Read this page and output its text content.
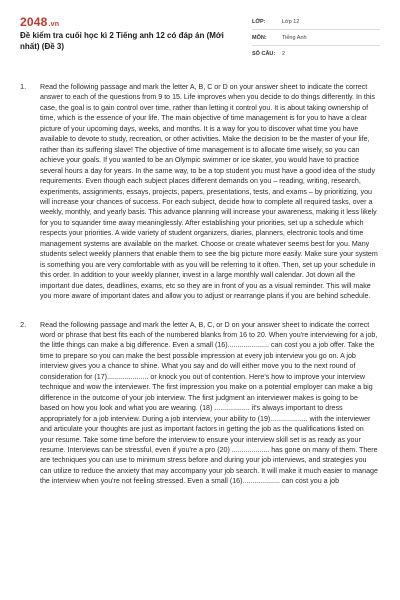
2048.vn
Đề kiểm tra cuối học kì 2 Tiếng anh 12 có đáp án (Mới nhất) (Đề 3)
LỚP:	Lớp 12
MÔN:	Tiếng Anh
SỐ CÂU:	2
1. Read the following passage and mark the letter A, B, C or D on your answer sheet to indicate the correct answer to each of the questions from 9 to 15. Life improves when you decide to do things differently. In this case, the goal is to gain control over time, rather than letting it control you. It is about taking ownership of time, which is the essence of your life. The main objective of time management is for you to have a clear picture of your upcoming days, weeks, and months. It is a way for you to discover what time you have available to devote to study, recreation, or other activities. Make the decision to be the master of your life, rather than its suffering slave! The objective of time management is to allocate time wisely, so you can achieve your goals. If you wanted to be an Olympic swimmer or ice skater, you would have to practice several hours a day for years. In the same way, to be a top student you must have a good idea of the study requirements. Even though each subject places different demands on you – reading, writing, research, experiments, assignments, essays, projects, papers, presentations, tests, and exams – by prioritizing, you will increase your chances of success. For each subject, decide how to complete all required tasks, over a weekly, monthly, and yearly basis. This advance planning will increase your awareness, making it less likely for you to squander time away meaninglessly. After establishing your priorities, set up a schedule which respects your priorities. A wide variety of student organizers, diaries, planners, electronic tools and time management systems are available on the market. Choose or create whatever seems best for you. Many students select weekly planners that enable them to see the big picture more easily. Make sure your system is something you are very comfortable with as you will be referring to it often. Then, set up your schedule in this order. In addition to your weekly planner, invest in a large monthly wall calendar. Jot down all the important due dates, deadlines, exams, etc so they are in front of you as a visual reminder. This will make you more aware of important dates and allow you to adjust or rearrange plans if you are behind schedule.
2. Read the following passage and mark the letter A, B, C, or D on your answer sheet to indicate the correct word or phrase that best fits each of the numbered blanks from 16 to 20. When you're interviewing for a job, the little things can make a big difference. Even a small (16)..................... can cost you a job offer. Take the time to prepare so you can make the best possible impression at every job interview you go on. A job interview gives you a chance to shine. What you say and do will either move you to the next round of consideration for (17)..................... or knock you out of contention. Here's how to improve your interview technique and wow the interviewer. The first impression you make on a potential employer can make a big difference in the outcome of your job interview. The first judgment an interviewer makes is going to be based on how you look and what you are wearing. (18) .................. it's always important to dress appropriately for a job interview. During a job interview, your ability to (19)................... with the interviewer and articulate your thoughts are just as important factors in getting the job as the qualifications listed on your resume. Take some time before the interview to ensure your interview skill set is as ready as your resume. Interviews can be stressful, even if you're a pro (20) ................... has gone on many of them. There are techniques you can use to minimum stress before and during your job interviews, and strategies you can utilize to reduce the anxiety that may accompany your job search. It will make it much easier to manage the interview when you're not feeling stressed. Even a small (16)................... can cost you a job
